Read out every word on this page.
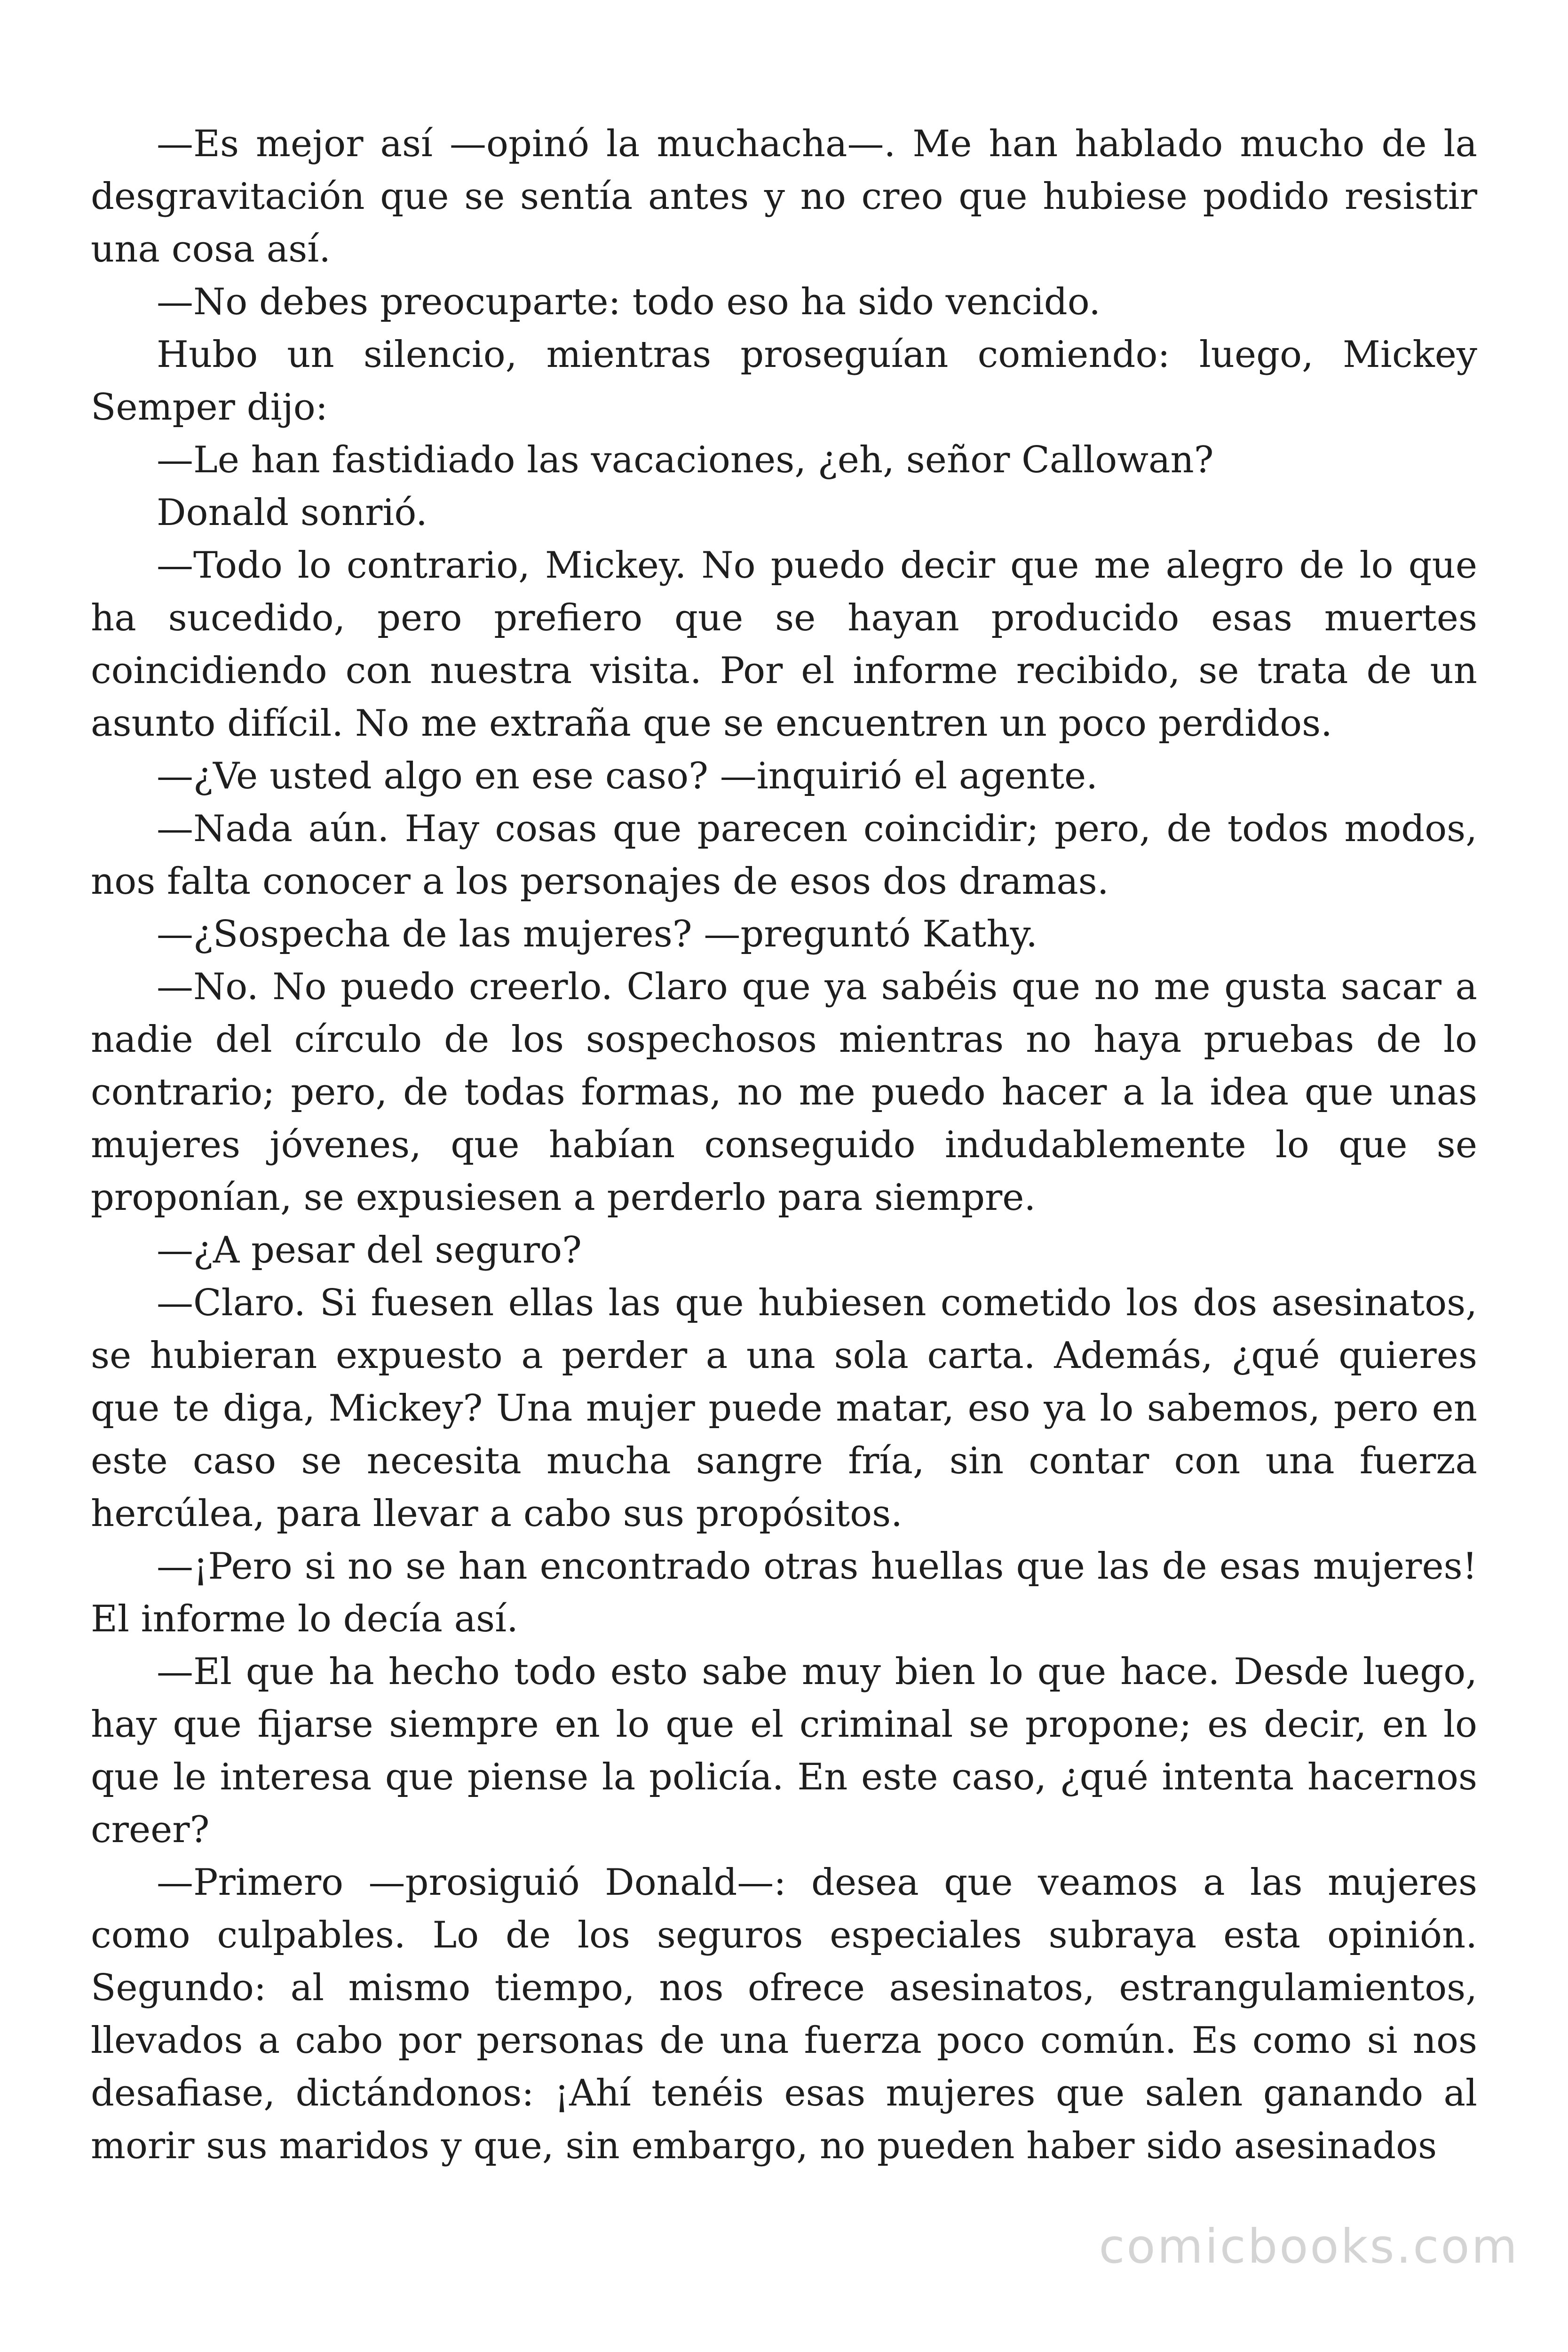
—Es mejor así —opinó la muchacha—. Me han hablado mucho de la desgravitación que se sentía antes y no creo que hubiese podido resistir una cosa así.

—No debes preocuparte: todo eso ha sido vencido.

Hubo un silencio, mientras proseguían comiendo: luego, Mickey Semper dijo:

—Le han fastidiado las vacaciones, ¿eh, señor Callowan?

Donald sonrió.

—Todo lo contrario, Mickey. No puedo decir que me alegro de lo que ha sucedido, pero prefiero que se hayan producido esas muertes coincidiendo con nuestra visita. Por el informe recibido, se trata de un asunto difícil. No me extraña que se encuentren un poco perdidos.

—¿Ve usted algo en ese caso? —inquirió el agente.

—Nada aún. Hay cosas que parecen coincidir; pero, de todos modos, nos falta conocer a los personajes de esos dos dramas.

—¿Sospecha de las mujeres? —preguntó Kathy.

—No. No puedo creerlo. Claro que ya sabéis que no me gusta sacar a nadie del círculo de los sospechosos mientras no haya pruebas de lo contrario; pero, de todas formas, no me puedo hacer a la idea que unas mujeres jóvenes, que habían conseguido indudablemente lo que se proponían, se expusiesen a perderlo para siempre.

—¿A pesar del seguro?

—Claro. Si fuesen ellas las que hubiesen cometido los dos asesinatos, se hubieran expuesto a perder a una sola carta. Además, ¿qué quieres que te diga, Mickey? Una mujer puede matar, eso ya lo sabemos, pero en este caso se necesita mucha sangre fría, sin contar con una fuerza hercúlea, para llevar a cabo sus propósitos.

—¡Pero si no se han encontrado otras huellas que las de esas mujeres! El informe lo decía así.

—El que ha hecho todo esto sabe muy bien lo que hace. Desde luego, hay que fijarse siempre en lo que el criminal se propone; es decir, en lo que le interesa que piense la policía. En este caso, ¿qué intenta hacernos creer?

—Primero —prosiguió Donald—: desea que veamos a las mujeres como culpables. Lo de los seguros especiales subraya esta opinión. Segundo: al mismo tiempo, nos ofrece asesinatos, estrangulamientos, llevados a cabo por personas de una fuerza poco común. Es como si nos desafiase, dictándonos: ¡Ahí tenéis esas mujeres que salen ganando al morir sus maridos y que, sin embargo, no pueden haber sido asesinados

comicbooks.com
